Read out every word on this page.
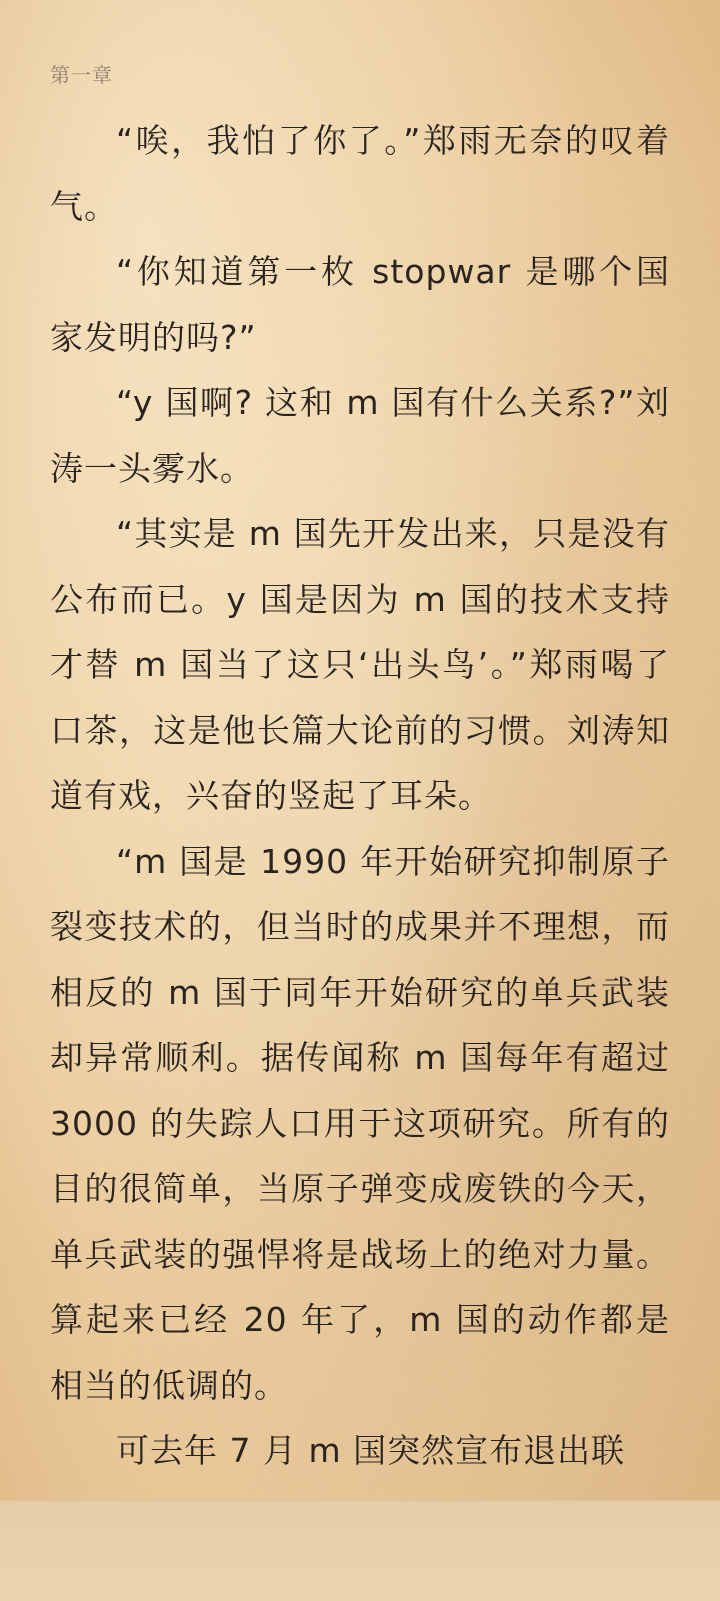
第一章

“唉，我怕了你了。”郑雨无奈的叹着气。

“你知道第一枚 stopwar 是哪个国家发明的吗?”

“y 国啊? 这和 m 国有什么关系?”刘涛一头雾水。

“其实是 m 国先开发出来，只是没有公布而已。y 国是因为 m 国的技术支持才替 m 国当了这只‘出头鸟’。”郑雨喝了口茶，这是他长篇大论前的习惯。刘涛知道有戏，兴奋的竖起了耳朵。

“m 国是 1990 年开始研究抑制原子裂变技术的，但当时的成果并不理想，而相反的 m 国于同年开始研究的单兵武装却异常顺利。据传闻称 m 国每年有超过 3000 的失踪人口用于这项研究。所有的目的很简单，当原子弹变成废铁的今天，单兵武装的强悍将是战场上的绝对力量。算起来已经 20 年了，m 国的动作都是相当的低调的。

可去年 7 月 m 国突然宣布退出联
